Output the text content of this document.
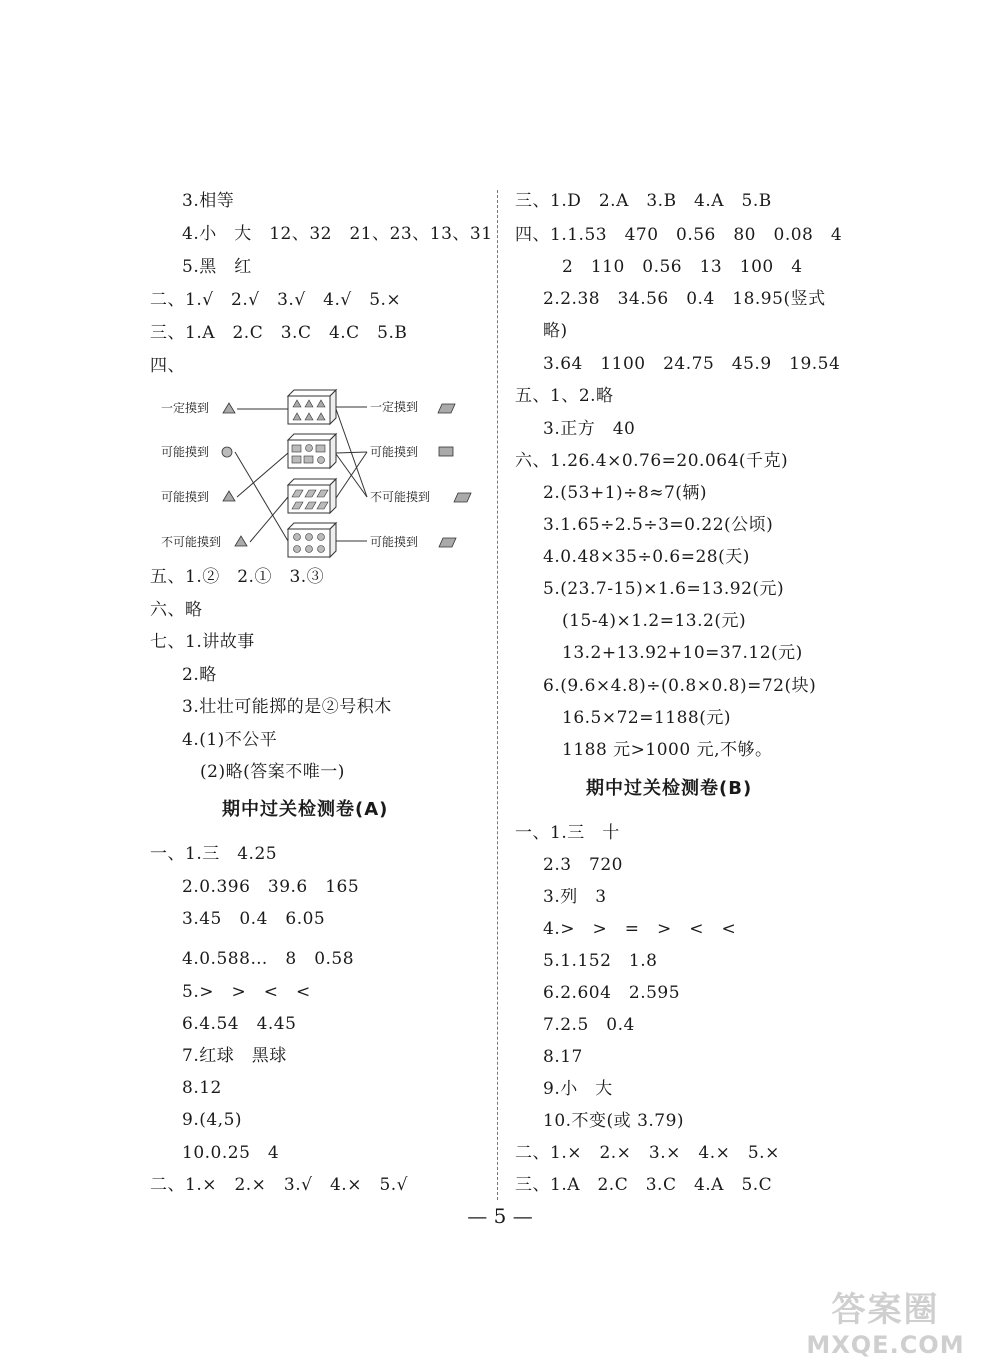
3.相等
4.小　大　12、32　21、23、13、31
5.黑　红
二、1.√　2.√　3.√　4.√　5.×
三、1.A　2.C　3.C　4.C　5.B
四、
一定摸到
可能摸到
可能摸到
不可能摸到
一定摸到
可能摸到
不可能摸到
可能摸到
五、1.②　2.①　3.③
六、略
七、1.讲故事
2.略
3.壮壮可能掷的是②号积木
4.(1)不公平
(2)略(答案不唯一)
期中过关检测卷(A)
一、1.三　4.25
2.0.396　39.6　165
3.45　0.4　6.05
4.0.588…　8　0.58
5.>　>　<　<
6.4.54　4.45
7.红球　黑球
8.12
9.(4,5)
10.0.25　4
二、1.×　2.×　3.√　4.×　5.√
三、1.D　2.A　3.B　4.A　5.B
四、1.1.53　470　0.56　80　0.08　4
2　110　0.56　13　100　4
2.2.38　34.56　0.4　18.95(竖式
略)
3.64　1100　24.75　45.9　19.54
五、1、2.略
3.正方　40
六、1.26.4×0.76=20.064(千克)
2.(53+1)÷8≈7(辆)
3.1.65÷2.5÷3=0.22(公顷)
4.0.48×35÷0.6=28(天)
5.(23.7-15)×1.6=13.92(元)
(15-4)×1.2=13.2(元)
13.2+13.92+10=37.12(元)
6.(9.6×4.8)÷(0.8×0.8)=72(块)
16.5×72=1188(元)
1188 元>1000 元,不够。
期中过关检测卷(B)
一、1.三　十
2.3　720
3.列　3
4.>　>　=　>　<　<
5.1.152　1.8
6.2.604　2.595
7.2.5　0.4
8.17
9.小　大
10.不变(或 3.79)
二、1.×　2.×　3.×　4.×　5.×
三、1.A　2.C　3.C　4.A　5.C
— 5 —
答案圈
MXQE.COM
